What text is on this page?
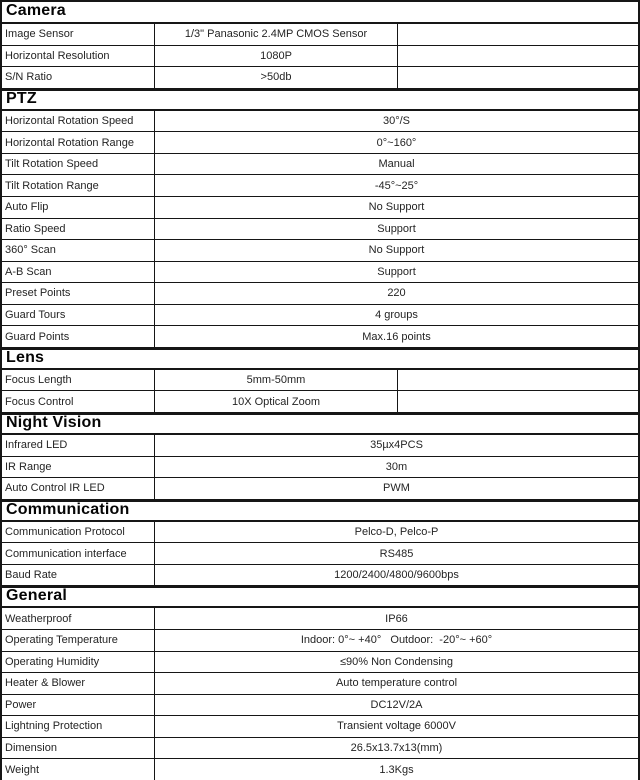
Camera
Image Sensor	1/3" Panasonic 2.4MP CMOS Sensor
Horizontal Resolution	1080P
S/N Ratio	>50db
PTZ
Horizontal Rotation Speed	30°/S
Horizontal Rotation Range	0°~160°
Tilt Rotation Speed	Manual
Tilt Rotation Range	-45°~25°
Auto Flip	No Support
Ratio Speed	Support
360° Scan	No Support
A-B Scan	Support
Preset Points	220
Guard Tours	4 groups
Guard Points	Max.16 points
Lens
Focus Length	5mm-50mm
Focus Control	10X Optical Zoom
Night Vision
Infrared LED	35µx4PCS
IR Range	30m
Auto Control IR LED	PWM
Communication
Communication Protocol	Pelco-D, Pelco-P
Communication interface	RS485
Baud Rate	1200/2400/4800/9600bps
General
Weatherproof	IP66
Operating Temperature	Indoor: 0°~ +40°   Outdoor:  -20°~ +60°
Operating Humidity	≤90% Non Condensing
Heater & Blower	Auto temperature control
Power	DC12V/2A
Lightning Protection	Transient voltage 6000V
Dimension	26.5x13.7x13(mm)
Weight	1.3Kgs
